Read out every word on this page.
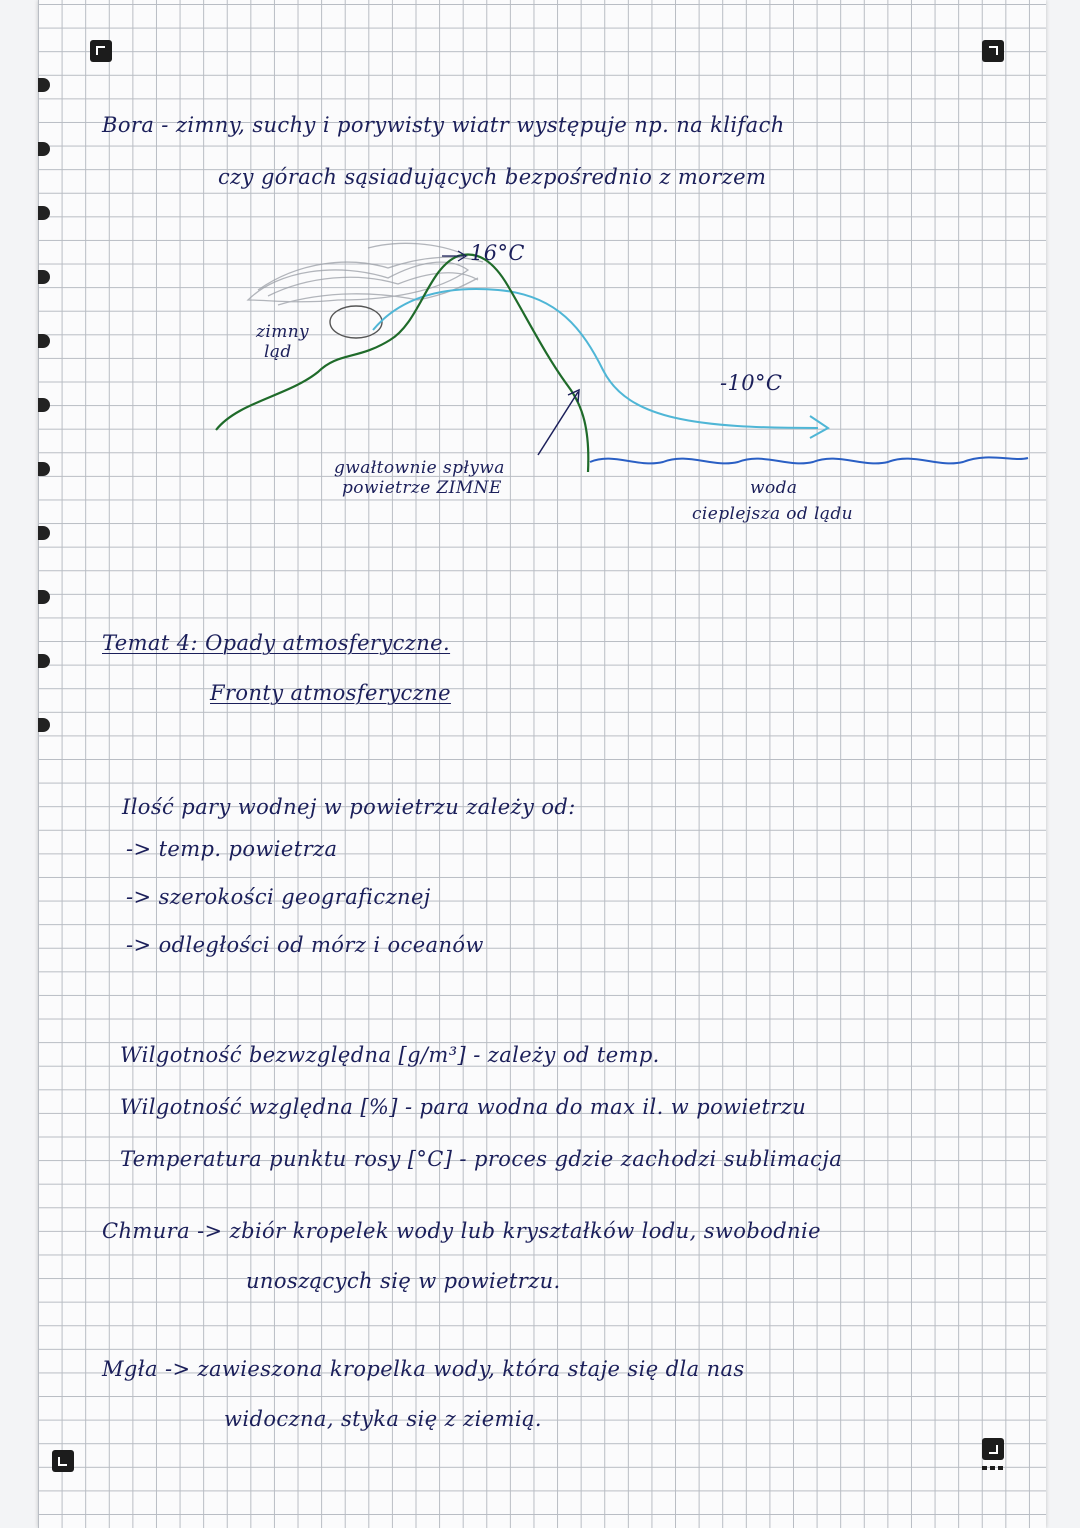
Bora - zimny, suchy i porywisty wiatr występuje np. na klifach
czy górach sąsiadujących bezpośrednio z morzem
16°C
zimny
ląd
-10°C
gwałtownie spływa
powietrze ZIMNE	woda
cieplejsza od lądu
Temat 4: Opady atmosferyczne.
Fronty atmosferyczne
Ilość pary wodnej w powietrzu zależy od:
-> temp. powietrza
-> szerokości geograficznej
-> odległości od mórz i oceanów
Wilgotność bezwzględna [g/m³] - zależy od temp.
Wilgotność względna [%] - para wodna do max il. w powietrzu
Temperatura punktu rosy [°C] - proces gdzie zachodzi sublimacja
Chmura -> zbiór kropelek wody lub kryształków lodu, swobodnie
unoszących się w powietrzu.
Mgła -> zawieszona kropelka wody, która staje się dla nas
widoczna, styka się z ziemią.
